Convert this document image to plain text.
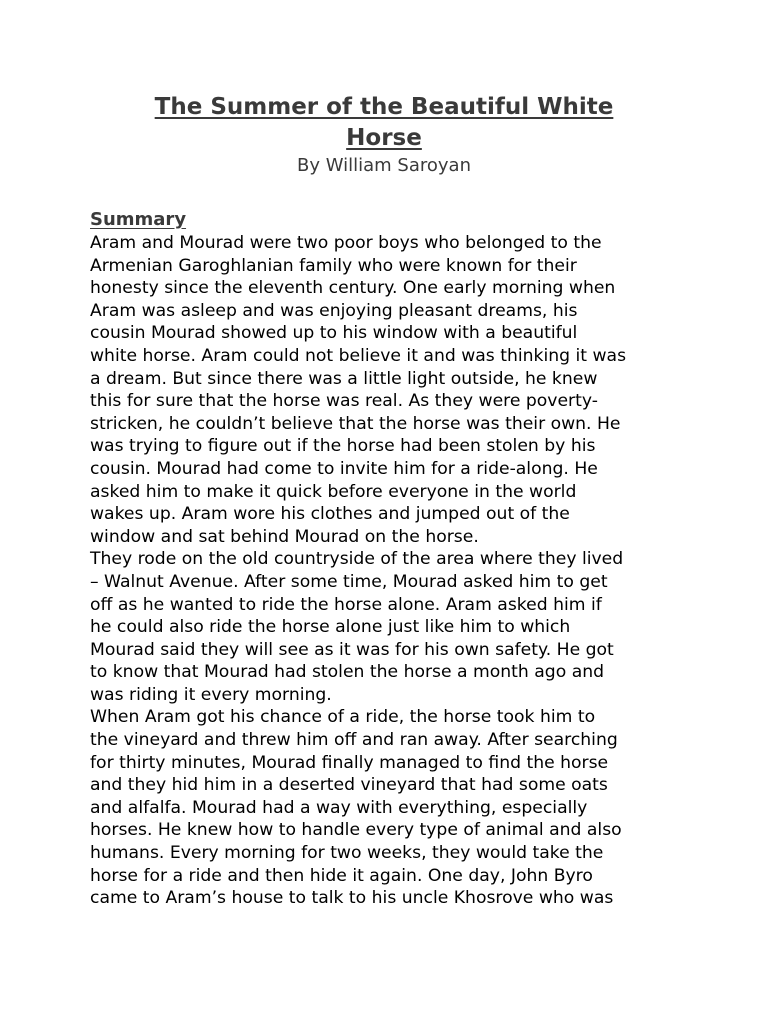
The Summer of the Beautiful White Horse
By William Saroyan
Summary
Aram and Mourad were two poor boys who belonged to the
Armenian Garoghlanian family who were known for their
honesty since the eleventh century. One early morning when
Aram was asleep and was enjoying pleasant dreams, his
cousin Mourad showed up to his window with a beautiful
white horse. Aram could not believe it and was thinking it was
a dream. But since there was a little light outside, he knew
this for sure that the horse was real. As they were poverty-
stricken, he couldn’t believe that the horse was their own. He
was trying to figure out if the horse had been stolen by his
cousin. Mourad had come to invite him for a ride-along. He
asked him to make it quick before everyone in the world
wakes up. Aram wore his clothes and jumped out of the
window and sat behind Mourad on the horse.
They rode on the old countryside of the area where they lived
– Walnut Avenue. After some time, Mourad asked him to get
off as he wanted to ride the horse alone. Aram asked him if
he could also ride the horse alone just like him to which
Mourad said they will see as it was for his own safety. He got
to know that Mourad had stolen the horse a month ago and
was riding it every morning.
When Aram got his chance of a ride, the horse took him to
the vineyard and threw him off and ran away. After searching
for thirty minutes, Mourad finally managed to find the horse
and they hid him in a deserted vineyard that had some oats
and alfalfa. Mourad had a way with everything, especially
horses. He knew how to handle every type of animal and also
humans. Every morning for two weeks, they would take the
horse for a ride and then hide it again. One day, John Byro
came to Aram’s house to talk to his uncle Khosrove who was
